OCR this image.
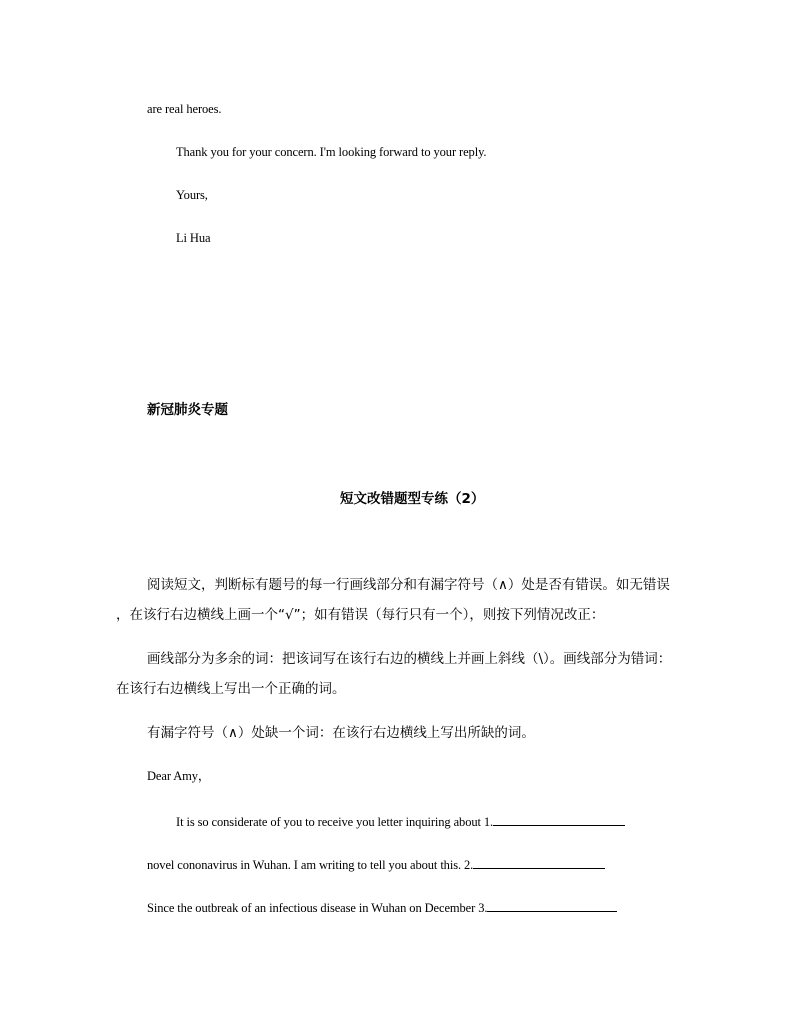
are real heroes.
Thank you for your concern. I'm looking forward to your reply.
Yours,
Li Hua
新冠肺炎专题
短文改错题型专练（2）
阅读短文，判断标有题号的每一行画线部分和有漏字符号（∧）处是否有错误。如无错误
，在该行右边横线上画一个“√”；如有错误（每行只有一个），则按下列情况改正：
画线部分为多余的词：把该词写在该行右边的横线上并画上斜线（\）。画线部分为错词：
在该行右边横线上写出一个正确的词。
有漏字符号（∧）处缺一个词：在该行右边横线上写出所缺的词。
Dear Amy，
It is so considerate of you to receive you letter inquiring about 1.
novel cononavirus in Wuhan. I am writing to tell you about this. 2.
Since the outbreak of an infectious disease in Wuhan on December 3.
